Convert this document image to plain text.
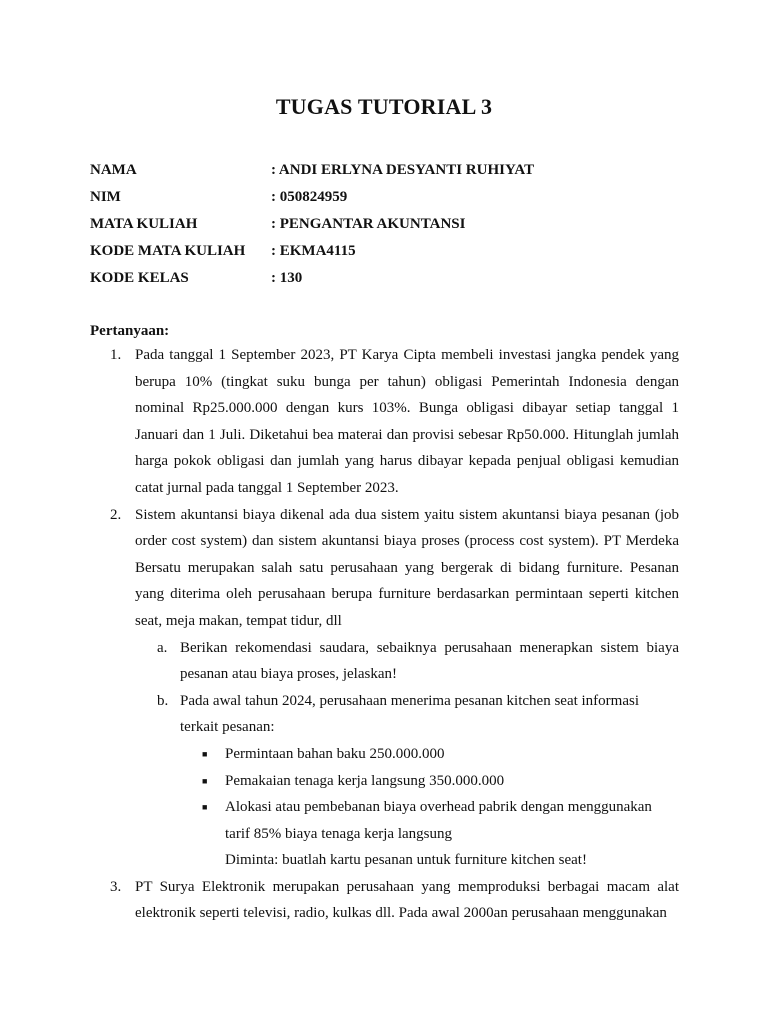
TUGAS TUTORIAL 3
NAMA	: ANDI ERLYNA DESYANTI RUHIYAT
NIM	: 050824959
MATA KULIAH	: PENGANTAR AKUNTANSI
KODE MATA KULIAH	: EKMA4115
KODE KELAS	: 130
Pertanyaan:
1. Pada tanggal 1 September 2023, PT Karya Cipta membeli investasi jangka pendek yang berupa 10% (tingkat suku bunga per tahun) obligasi Pemerintah Indonesia dengan nominal Rp25.000.000 dengan kurs 103%. Bunga obligasi dibayar setiap tanggal 1 Januari dan 1 Juli. Diketahui bea materai dan provisi sebesar Rp50.000. Hitunglah jumlah harga pokok obligasi dan jumlah yang harus dibayar kepada penjual obligasi kemudian catat jurnal pada tanggal 1 September 2023.
2. Sistem akuntansi biaya dikenal ada dua sistem yaitu sistem akuntansi biaya pesanan (job order cost system) dan sistem akuntansi biaya proses (process cost system). PT Merdeka Bersatu merupakan salah satu perusahaan yang bergerak di bidang furniture. Pesanan yang diterima oleh perusahaan berupa furniture berdasarkan permintaan seperti kitchen seat, meja makan, tempat tidur, dll
a. Berikan rekomendasi saudara, sebaiknya perusahaan menerapkan sistem biaya pesanan atau biaya proses, jelaskan!
b. Pada awal tahun 2024, perusahaan menerima pesanan kitchen seat informasi terkait pesanan:
■	Permintaan bahan baku 250.000.000
■	Pemakaian tenaga kerja langsung 350.000.000
■	Alokasi atau pembebanan biaya overhead pabrik dengan menggunakan tarif 85% biaya tenaga kerja langsung
Diminta: buatlah kartu pesanan untuk furniture kitchen seat!
3. PT Surya Elektronik merupakan perusahaan yang memproduksi berbagai macam alat elektronik seperti televisi, radio, kulkas dll. Pada awal 2000an perusahaan menggunakan
